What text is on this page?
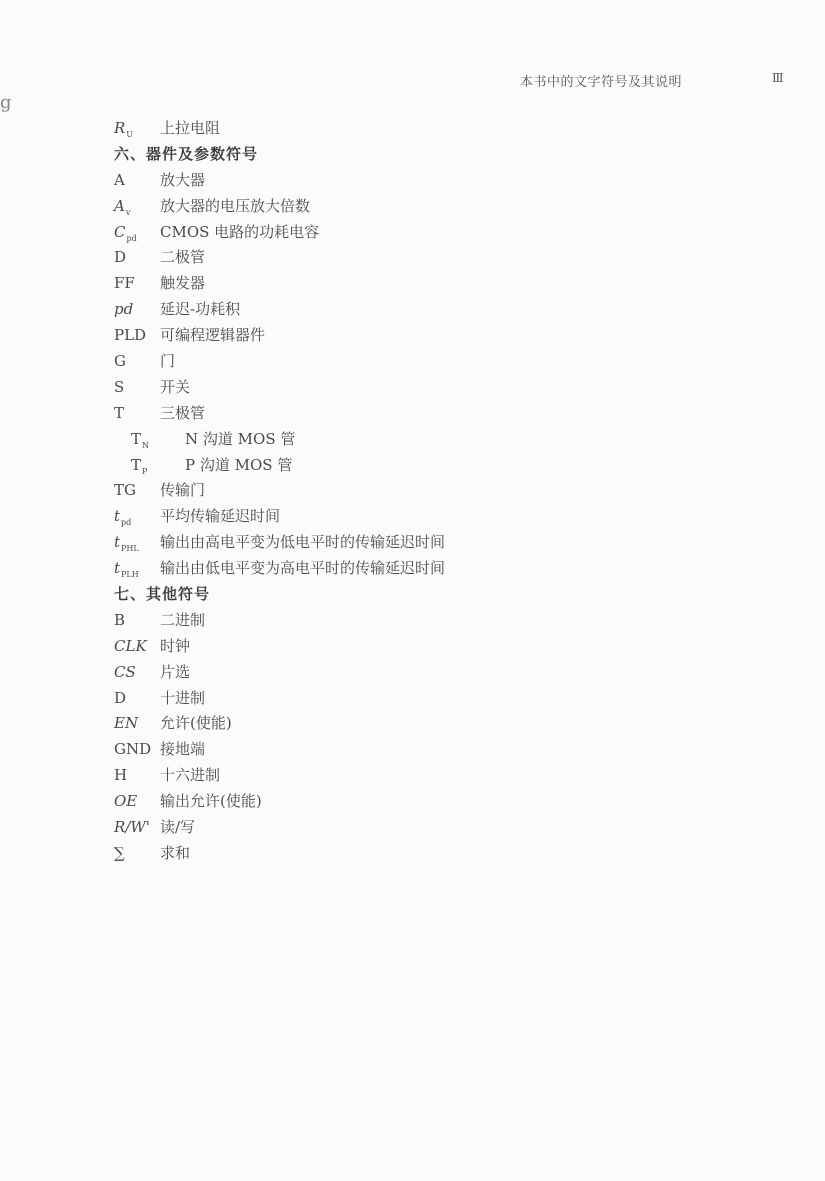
g
本书中的文字符号及其说明	Ⅲ
$R_U$ 上拉电阻
六、器件及参数符号
A 放大器
$A_v$ 放大器的电压放大倍数
$C_{pd}$ CMOS 电路的功耗电容
D 二极管
FF 触发器
pd 延迟-功耗积
PLD 可编程逻辑器件
G 门
S 开关
T 三极管
$T_N$ N 沟道 MOS 管
$T_P$	P 沟道 MOS 管
TG 传输门
$t_{pd}$ 平均传输延迟时间
$t_{PHL}$ 输出由高电平变为低电平时的传输延迟时间
$t_{PLH}$ 输出由低电平变为高电平时的传输延迟时间
七、其他符号
B 二进制
CLK 时钟
CS 片选
D 十进制
EN 允许(使能)
GND 接地端
H 十六进制
OE 输出允许(使能)
R/W' 读/写
∑ 求和
